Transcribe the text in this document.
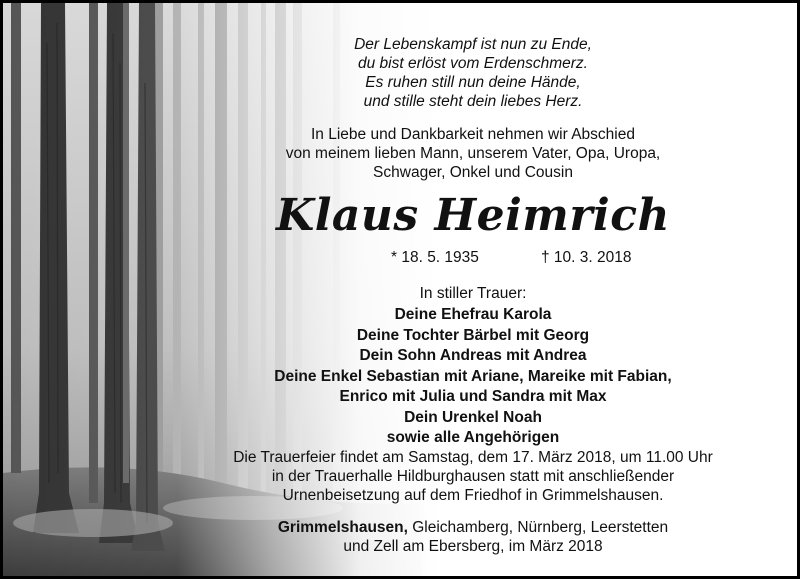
Der Lebenskampf ist nun zu Ende,
du bist erlöst vom Erdenschmerz.
Es ruhen still nun deine Hände,
und stille steht dein liebes Herz.
In Liebe und Dankbarkeit nehmen wir Abschied
von meinem lieben Mann, unserem Vater, Opa, Uropa,
Schwager, Onkel und Cousin
Klaus Heimrich
* 18. 5. 1935	† 10. 3. 2018
In stiller Trauer:
Deine Ehefrau Karola
Deine Tochter Bärbel mit Georg
Dein Sohn Andreas mit Andrea
Deine Enkel Sebastian mit Ariane, Mareike mit Fabian,
Enrico mit Julia und Sandra mit Max
Dein Urenkel Noah
sowie alle Angehörigen
Die Trauerfeier findet am Samstag, dem 17. März 2018, um 11.00 Uhr
in der Trauerhalle Hildburghausen statt mit anschließender
Urnenbeisetzung auf dem Friedhof in Grimmelshausen.
Grimmelshausen, Gleichamberg, Nürnberg, Leerstetten
und Zell am Ebersberg, im März 2018
